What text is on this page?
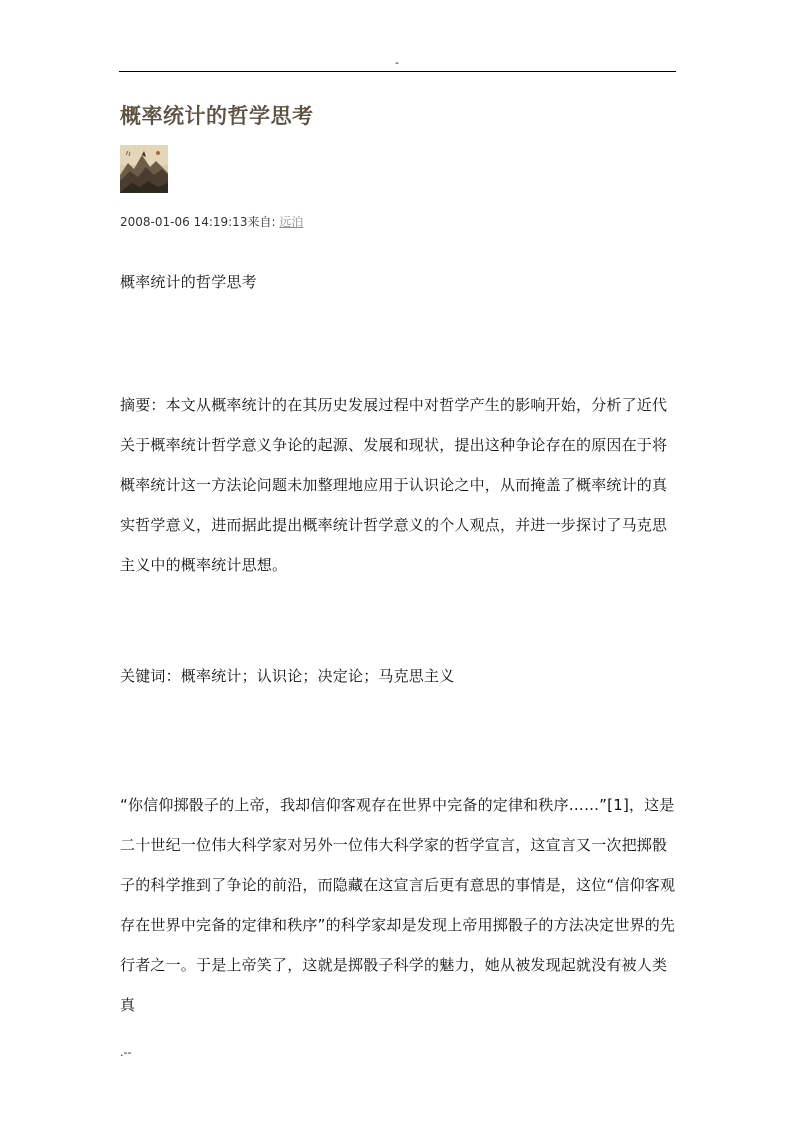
-
概率统计的哲学思考
2008-01-06 14:19:13来自: 远泊
概率统计的哲学思考
摘要：本文从概率统计的在其历史发展过程中对哲学产生的影响开始，分析了近代关于概率统计哲学意义争论的起源、发展和现状，提出这种争论存在的原因在于将概率统计这一方法论问题未加整理地应用于认识论之中，从而掩盖了概率统计的真实哲学意义，进而据此提出概率统计哲学意义的个人观点，并进一步探讨了马克思主义中的概率统计思想。
关键词：概率统计；认识论；决定论；马克思主义
“你信仰掷骰子的上帝，我却信仰客观存在世界中完备的定律和秩序……”[1]，这是二十世纪一位伟大科学家对另外一位伟大科学家的哲学宣言，这宣言又一次把掷骰子的科学推到了争论的前沿，而隐藏在这宣言后更有意思的事情是，这位“信仰客观存在世界中完备的定律和秩序”的科学家却是发现上帝用掷骰子的方法决定世界的先行者之一。于是上帝笑了，这就是掷骰子科学的魅力，她从被发现起就没有被人类真
.--
